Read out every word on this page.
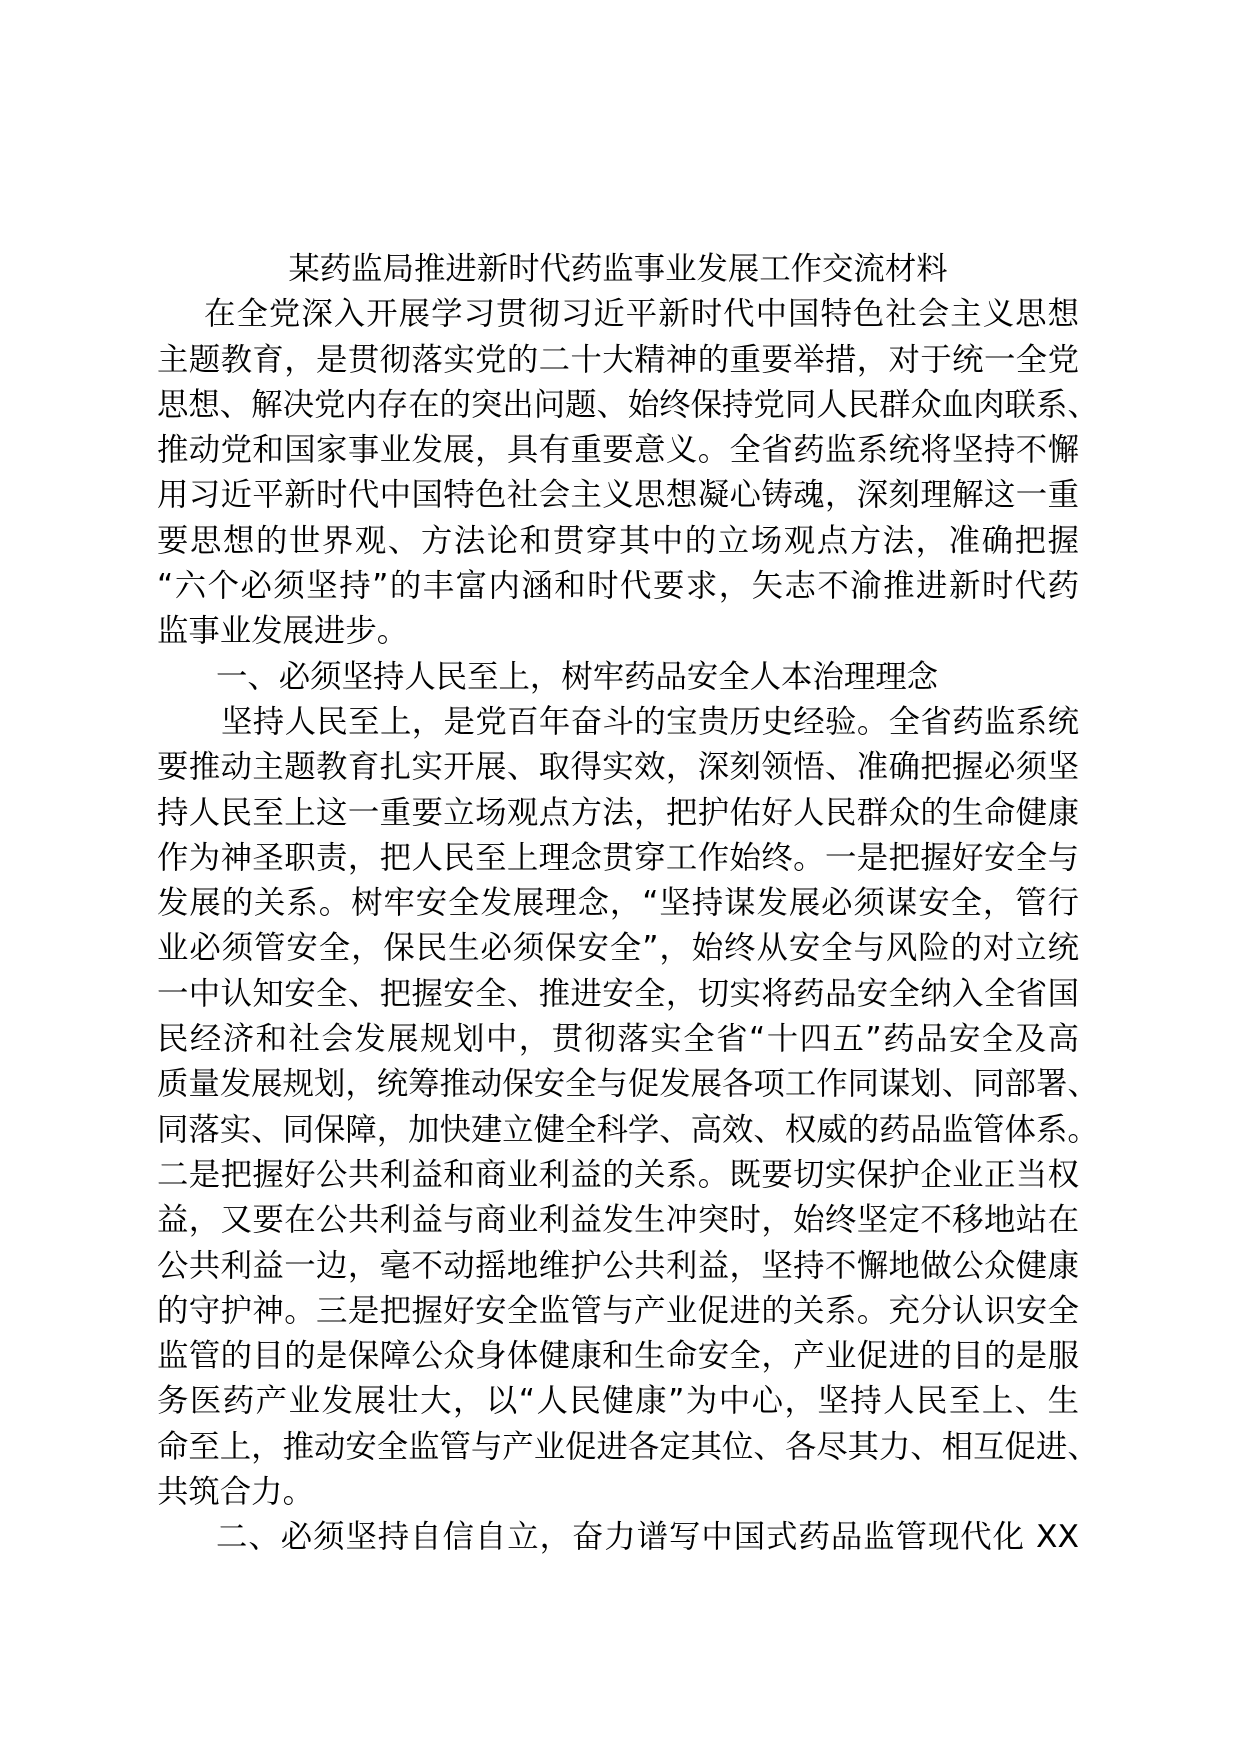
某药监局推进新时代药监事业发展工作交流材料
在全党深入开展学习贯彻习近平新时代中国特色社会主义思想
主题教育，是贯彻落实党的二十大精神的重要举措，对于统一全党
思想、解决党内存在的突出问题、始终保持党同人民群众血肉联系、
推动党和国家事业发展，具有重要意义。全省药监系统将坚持不懈
用习近平新时代中国特色社会主义思想凝心铸魂，深刻理解这一重
要思想的世界观、方法论和贯穿其中的立场观点方法，准确把握
“六个必须坚持”的丰富内涵和时代要求，矢志不渝推进新时代药
监事业发展进步。
一、必须坚持人民至上，树牢药品安全人本治理理念
坚持人民至上，是党百年奋斗的宝贵历史经验。全省药监系统
要推动主题教育扎实开展、取得实效，深刻领悟、准确把握必须坚
持人民至上这一重要立场观点方法，把护佑好人民群众的生命健康
作为神圣职责，把人民至上理念贯穿工作始终。一是把握好安全与
发展的关系。树牢安全发展理念，“坚持谋发展必须谋安全，管行
业必须管安全，保民生必须保安全”，始终从安全与风险的对立统
一中认知安全、把握安全、推进安全，切实将药品安全纳入全省国
民经济和社会发展规划中，贯彻落实全省“十四五”药品安全及高
质量发展规划，统筹推动保安全与促发展各项工作同谋划、同部署、
同落实、同保障，加快建立健全科学、高效、权威的药品监管体系。
二是把握好公共利益和商业利益的关系。既要切实保护企业正当权
益，又要在公共利益与商业利益发生冲突时，始终坚定不移地站在
公共利益一边，毫不动摇地维护公共利益，坚持不懈地做公众健康
的守护神。三是把握好安全监管与产业促进的关系。充分认识安全
监管的目的是保障公众身体健康和生命安全，产业促进的目的是服
务医药产业发展壮大，以“人民健康”为中心，坚持人民至上、生
命至上，推动安全监管与产业促进各定其位、各尽其力、相互促进、
共筑合力。
二、必须坚持自信自立，奋力谱写中国式药品监管现代化 XX
